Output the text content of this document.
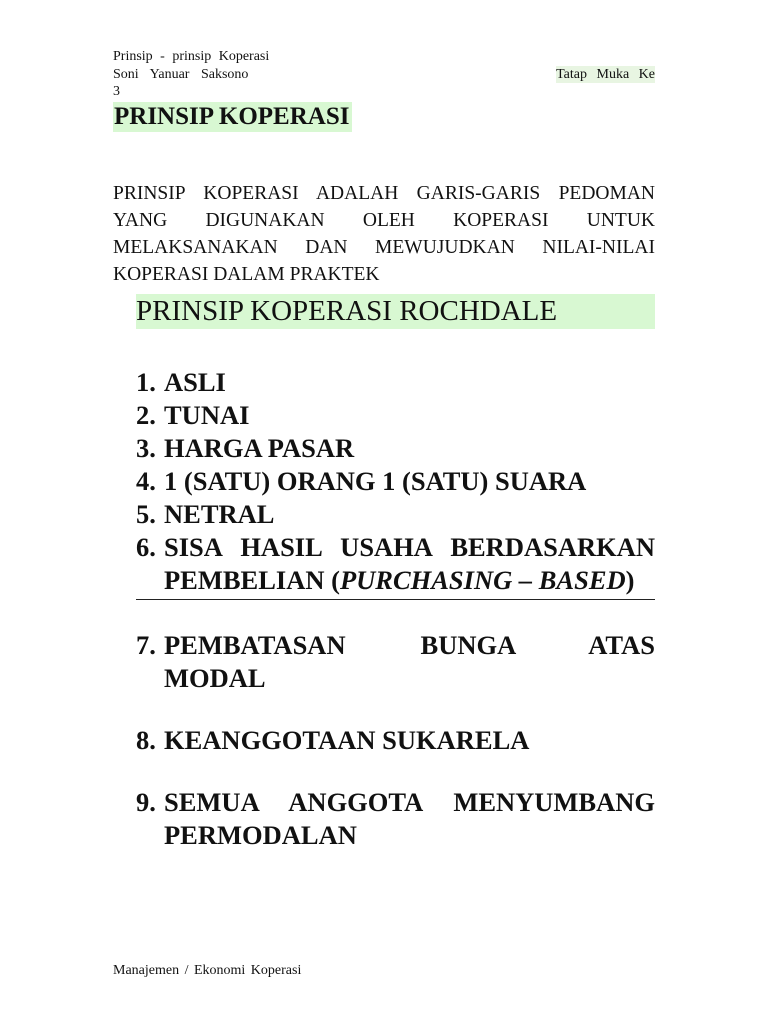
Prinsip - prinsip Koperasi
Soni Yanuar Saksono	Tatap Muka Ke
3
PRINSIP KOPERASI

PRINSIP KOPERASI ADALAH GARIS-GARIS PEDOMAN YANG DIGUNAKAN OLEH KOPERASI UNTUK MELAKSANAKAN DAN MEWUJUDKAN NILAI-NILAI KOPERASI DALAM PRAKTEK

PRINSIP KOPERASI ROCHDALE
1. ASLI
2. TUNAI
3. HARGA PASAR
4. 1 (SATU) ORANG 1 (SATU) SUARA
5. NETRAL
6. SISA HASIL USAHA BERDASARKAN PEMBELIAN (PURCHASING – BASED)
7. PEMBATASAN BUNGA ATAS
MODAL
8. KEANGGOTAAN SUKARELA
9. SEMUA ANGGOTA MENYUMBANG PERMODALAN
Manajemen / Ekonomi Koperasi
